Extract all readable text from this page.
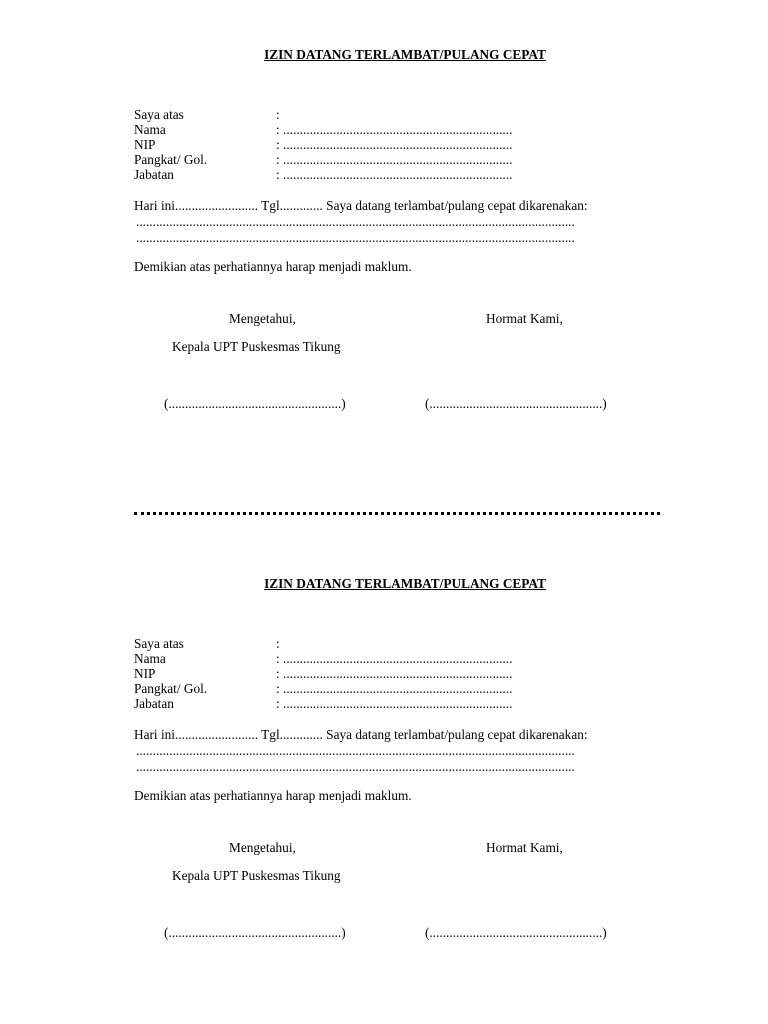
IZIN DATANG TERLAMBAT/PULANG CEPAT
Saya atas	:
Nama	: .....................................................................
NIP	: .....................................................................
Pangkat/ Gol.	: .....................................................................
Jabatan	: .....................................................................
Hari ini......................... Tgl............. Saya datang terlambat/pulang cepat dikarenakan:
....................................................................................................................................
....................................................................................................................................
Demikian atas perhatiannya harap menjadi maklum.
Mengetahui,	Hormat Kami,
Kepala UPT Puskesmas Tikung
(....................................................)	(....................................................)
IZIN DATANG TERLAMBAT/PULANG CEPAT
Saya atas	:
Nama	: .....................................................................
NIP	: .....................................................................
Pangkat/ Gol.	: .....................................................................
Jabatan	: .....................................................................
Hari ini......................... Tgl............. Saya datang terlambat/pulang cepat dikarenakan:
....................................................................................................................................
....................................................................................................................................
Demikian atas perhatiannya harap menjadi maklum.
Mengetahui,	Hormat Kami,
Kepala UPT Puskesmas Tikung
(....................................................)	(....................................................)
